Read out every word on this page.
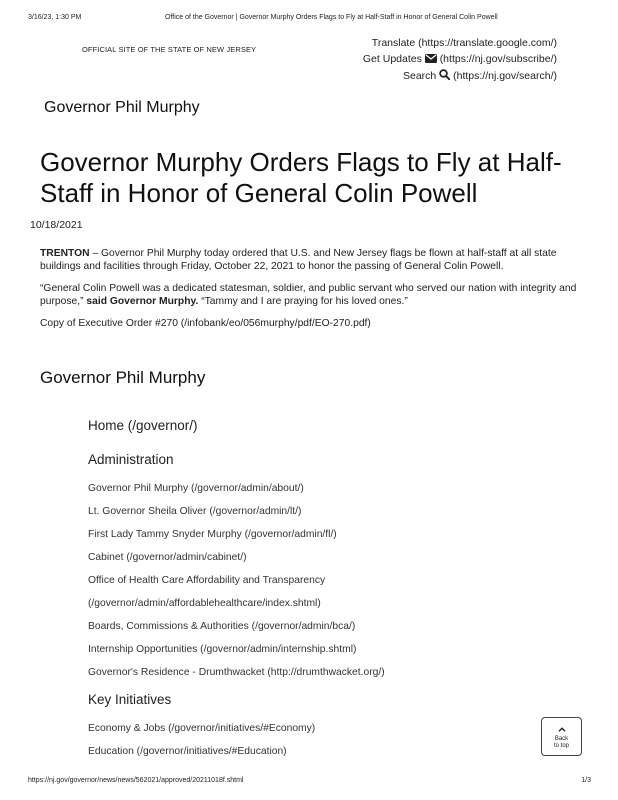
3/16/23, 1:30 PM	Office of the Governor | Governor Murphy Orders Flags to Fly at Half-Staff in Honor of General Colin Powell
OFFICIAL SITE OF THE STATE OF NEW JERSEY
Translate (https://translate.google.com/)
Get Updates (https://nj.gov/subscribe/)
Search (https://nj.gov/search/)
Governor Phil Murphy
Governor Murphy Orders Flags to Fly at Half-Staff in Honor of General Colin Powell
10/18/2021

TRENTON – Governor Phil Murphy today ordered that U.S. and New Jersey flags be flown at half-staff at all state buildings and facilities through Friday, October 22, 2021 to honor the passing of General Colin Powell.

“General Colin Powell was a dedicated statesman, soldier, and public servant who served our nation with integrity and purpose,” said Governor Murphy. “Tammy and I are praying for his loved ones.”

Copy of Executive Order #270 (/infobank/eo/056murphy/pdf/EO-270.pdf)

Governor Phil Murphy
Home (/governor/)
Administration
Governor Phil Murphy (/governor/admin/about/)
Lt. Governor Sheila Oliver (/governor/admin/lt/)
First Lady Tammy Snyder Murphy (/governor/admin/fl/)
Cabinet (/governor/admin/cabinet/)
Office of Health Care Affordability and Transparency
(/governor/admin/affordablehealthcare/index.shtml)
Boards, Commissions & Authorities (/governor/admin/bca/)
Internship Opportunities (/governor/admin/internship.shtml)
Governor's Residence - Drumthwacket (http://drumthwacket.org/)
Key Initiatives
Economy & Jobs (/governor/initiatives/#Economy)
Education (/governor/initiatives/#Education)
Back
to top
https://nj.gov/governor/news/news/562021/approved/20211018f.shtml	1/3
